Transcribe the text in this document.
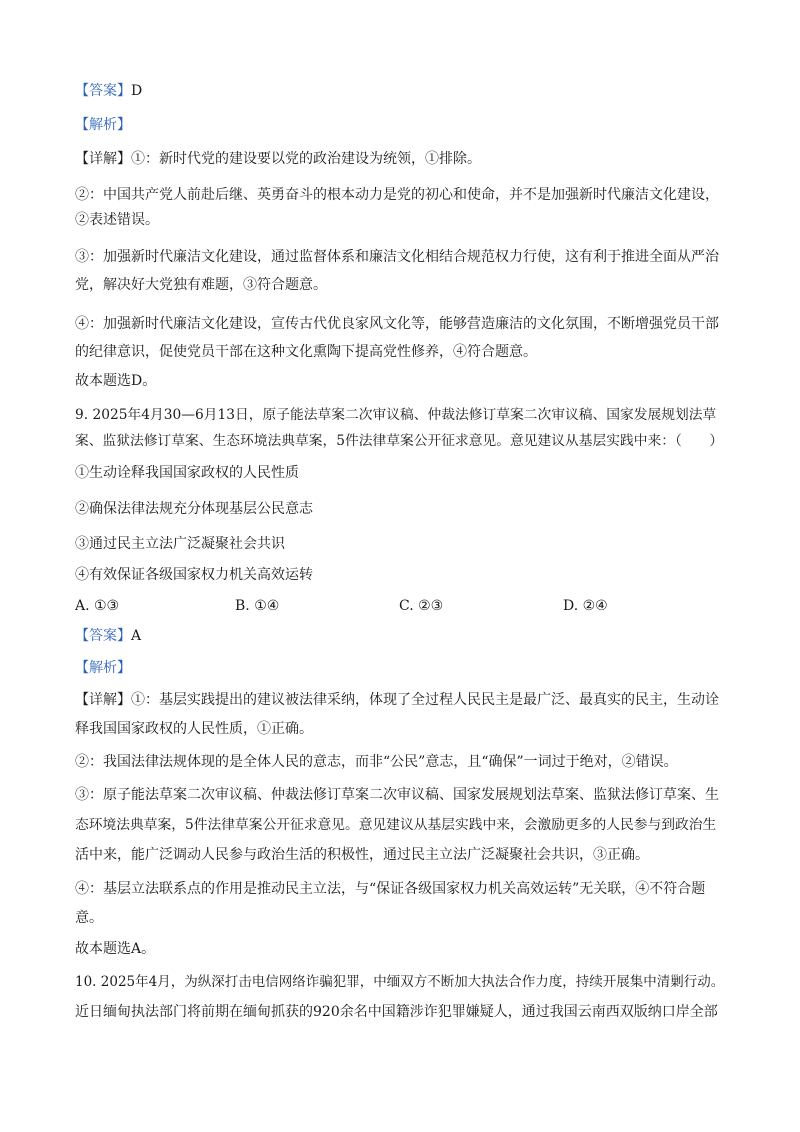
【答案】D
【解析】
【详解】①：新时代党的建设要以党的政治建设为统领，①排除。
②：中国共产党人前赴后继、英勇奋斗的根本动力是党的初心和使命，并不是加强新时代廉洁文化建设，
②表述错误。
③：加强新时代廉洁文化建设，通过监督体系和廉洁文化相结合规范权力行使，这有利于推进全面从严治
党，解决好大党独有难题，③符合题意。
④：加强新时代廉洁文化建设，宣传古代优良家风文化等，能够营造廉洁的文化氛围，不断增强党员干部
的纪律意识，促使党员干部在这种文化熏陶下提高党性修养，④符合题意。
故本题选D。
9. 2025年4月30—6月13日，原子能法草案二次审议稿、仲裁法修订草案二次审议稿、国家发展规划法草
案、监狱法修订草案、生态环境法典草案，5件法律草案公开征求意见。意见建议从基层实践中来：（　　）
①生动诠释我国国家政权的人民性质
②确保法律法规充分体现基层公民意志
③通过民主立法广泛凝聚社会共识
④有效保证各级国家权力机关高效运转
A. ①③	B. ①④	C. ②③	D. ②④
【答案】A
【解析】
【详解】①：基层实践提出的建议被法律采纳，体现了全过程人民民主是最广泛、最真实的民主，生动诠
释我国国家政权的人民性质，①正确。
②：我国法律法规体现的是全体人民的意志，而非“公民”意志，且“确保”一词过于绝对，②错误。
③：原子能法草案二次审议稿、仲裁法修订草案二次审议稿、国家发展规划法草案、监狱法修订草案、生
态环境法典草案，5件法律草案公开征求意见。意见建议从基层实践中来，会激励更多的人民参与到政治生
活中来，能广泛调动人民参与政治生活的积极性，通过民主立法广泛凝聚社会共识，③正确。
④：基层立法联系点的作用是推动民主立法，与“保证各级国家权力机关高效运转”无关联，④不符合题
意。
故本题选A。
10. 2025年4月，为纵深打击电信网络诈骗犯罪，中缅双方不断加大执法合作力度，持续开展集中清剿行动。
近日缅甸执法部门将前期在缅甸抓获的920余名中国籍涉诈犯罪嫌疑人，通过我国云南西双版纳口岸全部
